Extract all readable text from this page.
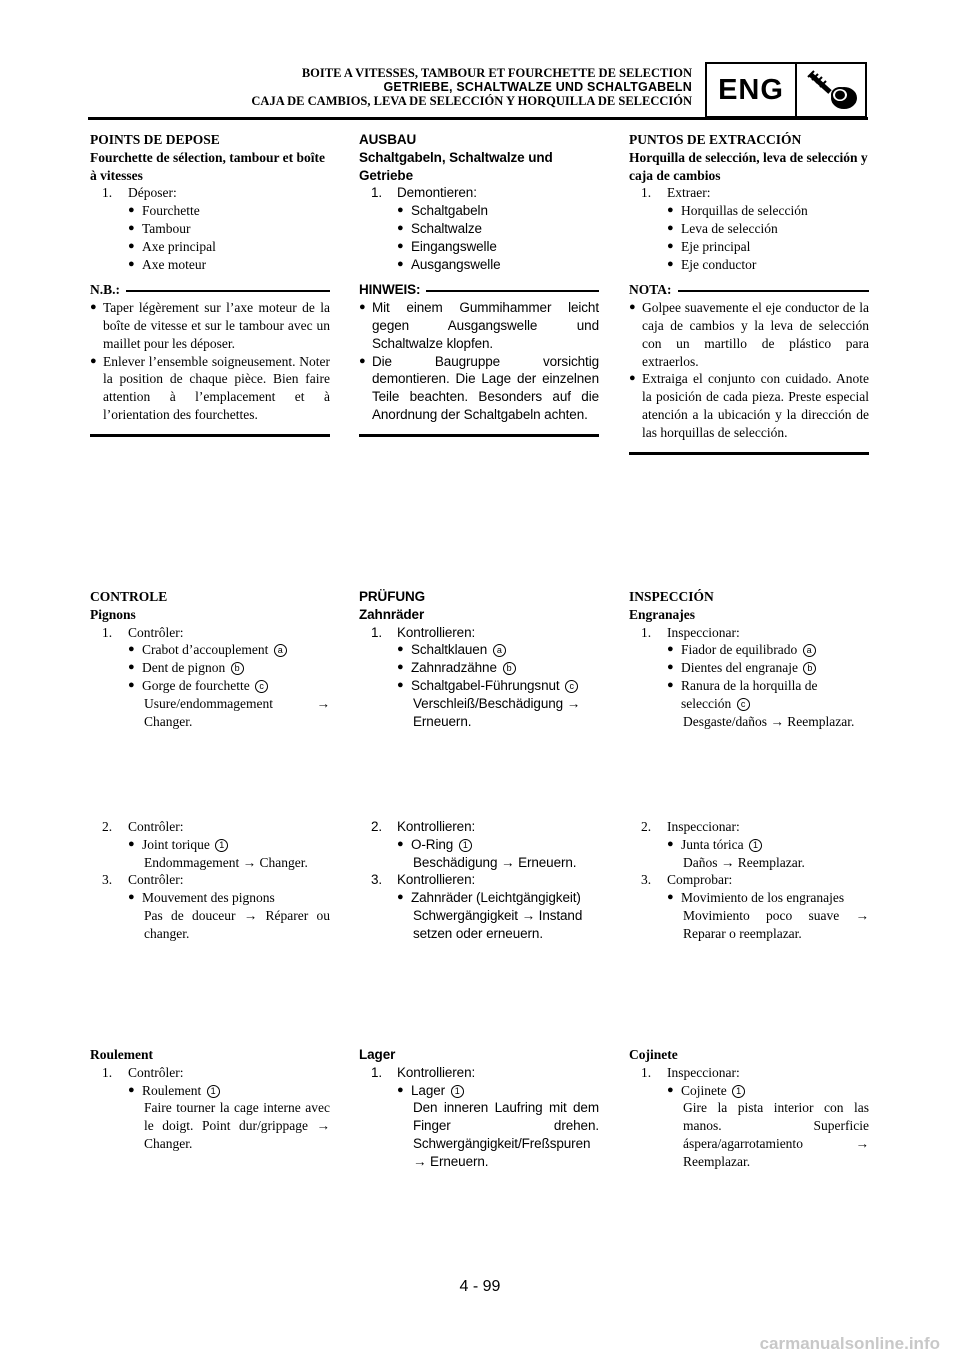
BOITE A VITESSES, TAMBOUR ET FOURCHETTE DE SELECTION
GETRIEBE, SCHALTWALZE UND SCHALTGABELN
CAJA DE CAMBIOS, LEVA DE SELECCIÓN Y HORQUILLA DE SELECCIÓN ENG
POINTS DE DEPOSE
Fourchette de sélection, tambour et boîte à vitesses
1.	Déposer:
● Fourchette
● Tambour
● Axe principal
● Axe moteur
N.B.:
● Taper légèrement sur l’axe moteur de la boîte de vitesse et sur le tambour avec un maillet pour les déposer.
● Enlever l’ensemble soigneusement. Noter la position de chaque pièce. Bien faire attention à l’emplacement et à l’orientation des fourchettes.
CONTROLE
Pignons
1.	Contrôler:
● Crabot d’accouplement a
● Dent de pignon b
● Gorge de fourchette c
Usure/endommagement → Changer.
2.	Contrôler:
● Joint torique 1
Endommagement → Changer.
3.	Contrôler:
● Mouvement des pignons
Pas de douceur → Réparer ou changer.
Roulement
1.	Contrôler:
● Roulement 1
Faire tourner la cage interne avec le doigt. Point dur/grippage → Changer.
AUSBAU
Schaltgabeln, Schaltwalze und Getriebe
1.	Demontieren:
● Schaltgabeln
● Schaltwalze
● Eingangswelle
● Ausgangswelle
HINWEIS:
● Mit einem Gummihammer leicht gegen Ausgangswelle und Schaltwalze klopfen.
● Die Baugruppe vorsichtig demontieren. Die Lage der einzelnen Teile beachten. Besonders auf die Anordnung der Schaltgabeln achten.
PRÜFUNG
Zahnräder
1.	Kontrollieren:
● Schaltklauen a
● Zahnradzähne b
● Schaltgabel-Führungsnut c
Verschleiß/Beschädigung → Erneuern.
2.	Kontrollieren:
● O-Ring 1
Beschädigung → Erneuern.
3.	Kontrollieren:
● Zahnräder (Leichtgängigkeit)
Schwergängigkeit → Instand setzen oder erneuern.
Lager
1.	Kontrollieren:
● Lager 1
Den inneren Laufring mit dem Finger drehen. Schwergängigkeit/Freßspuren → Erneuern.
PUNTOS DE EXTRACCIÓN
Horquilla de selección, leva de selección y caja de cambios
1.	Extraer:
● Horquillas de selección
● Leva de selección
● Eje principal
● Eje conductor
NOTA:
● Golpee suavemente el eje conductor de la caja de cambios y la leva de selección con un martillo de plástico para extraerlos.
● Extraiga el conjunto con cuidado. Anote la posición de cada pieza. Preste especial atención a la ubicación y la dirección de las horquillas de selección.
INSPECCIÓN
Engranajes
1.	Inspeccionar:
● Fiador de equilibrado a
● Dientes del engranaje b
● Ranura de la horquilla de selección c
Desgaste/daños → Reemplazar.
2.	Inspeccionar:
● Junta tórica 1
Daños → Reemplazar.
3.	Comprobar:
● Movimiento de los engranajes
Movimiento poco suave → Reparar o reemplazar.
Cojinete
1.	Inspeccionar:
● Cojinete 1
Gire la pista interior con las manos. Superficie áspera/agarrotamiento → Reemplazar.
4 - 99
carmanualsonline.info
